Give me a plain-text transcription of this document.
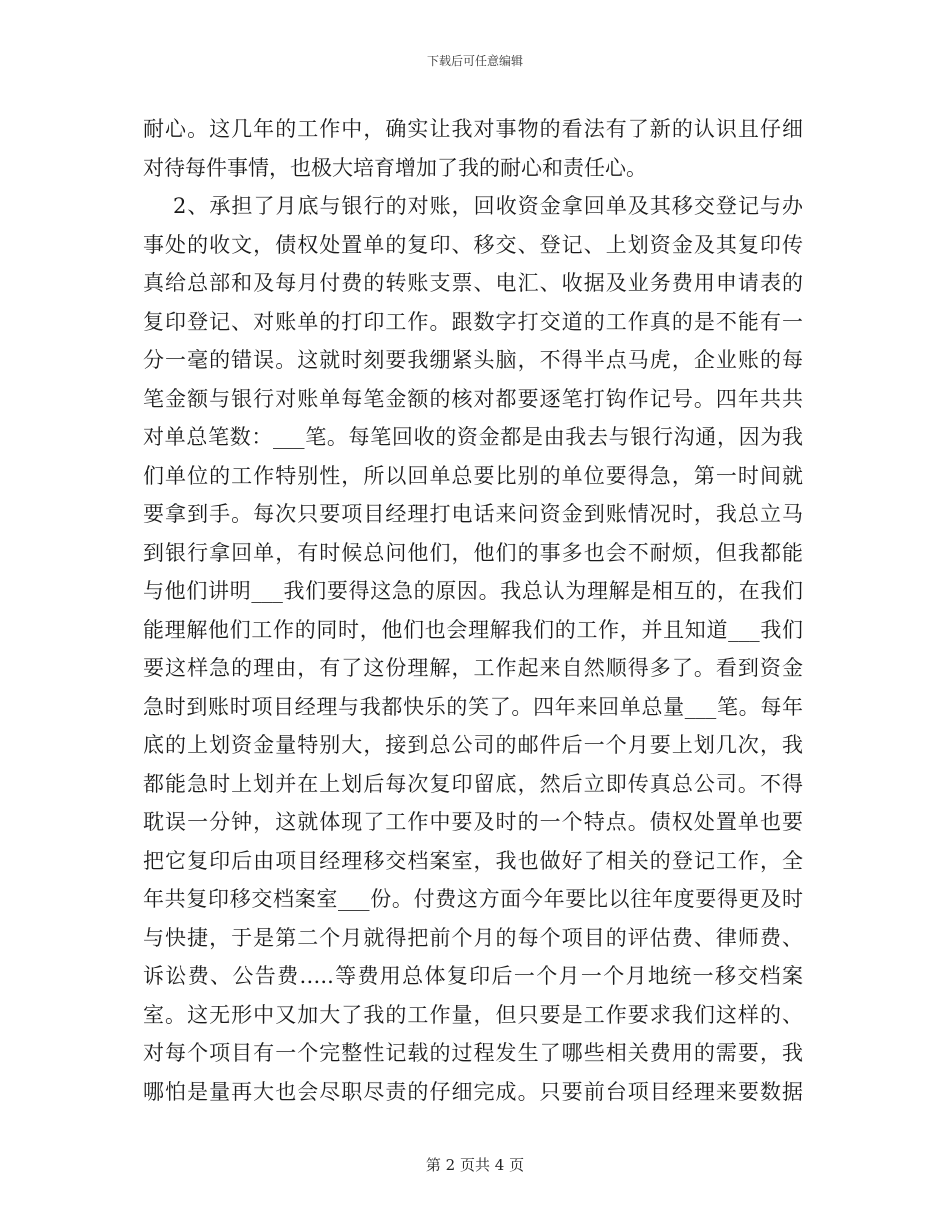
下载后可任意编辑
耐心。这几年的工作中，确实让我对事物的看法有了新的认识且仔细
对待每件事情，也极大培育增加了我的耐心和责任心。
2、承担了月底与银行的对账，回收资金拿回单及其移交登记与办
事处的收文，债权处置单的复印、移交、登记、上划资金及其复印传
真给总部和及每月付费的转账支票、电汇、收据及业务费用申请表的
复印登记、对账单的打印工作。跟数字打交道的工作真的是不能有一
分一毫的错误。这就时刻要我绷紧头脑，不得半点马虎，企业账的每
笔金额与银行对账单每笔金额的核对都要逐笔打钩作记号。四年共共
对单总笔数：___笔。每笔回收的资金都是由我去与银行沟通，因为我
们单位的工作特别性，所以回单总要比别的单位要得急，第一时间就
要拿到手。每次只要项目经理打电话来问资金到账情况时，我总立马
到银行拿回单，有时候总问他们，他们的事多也会不耐烦，但我都能
与他们讲明___我们要得这急的原因。我总认为理解是相互的，在我们
能理解他们工作的同时，他们也会理解我们的工作，并且知道___我们
要这样急的理由，有了这份理解，工作起来自然顺得多了。看到资金
急时到账时项目经理与我都快乐的笑了。四年来回单总量___笔。每年
底的上划资金量特别大，接到总公司的邮件后一个月要上划几次，我
都能急时上划并在上划后每次复印留底，然后立即传真总公司。不得
耽误一分钟，这就体现了工作中要及时的一个特点。债权处置单也要
把它复印后由项目经理移交档案室，我也做好了相关的登记工作，全
年共复印移交档案室___份。付费这方面今年要比以往年度要得更及时
与快捷，于是第二个月就得把前个月的每个项目的评估费、律师费、
诉讼费、公告费…..等费用总体复印后一个月一个月地统一移交档案
室。这无形中又加大了我的工作量，但只要是工作要求我们这样的、
对每个项目有一个完整性记载的过程发生了哪些相关费用的需要，我
哪怕是量再大也会尽职尽责的仔细完成。只要前台项目经理来要数据
第 2 页共 4 页
